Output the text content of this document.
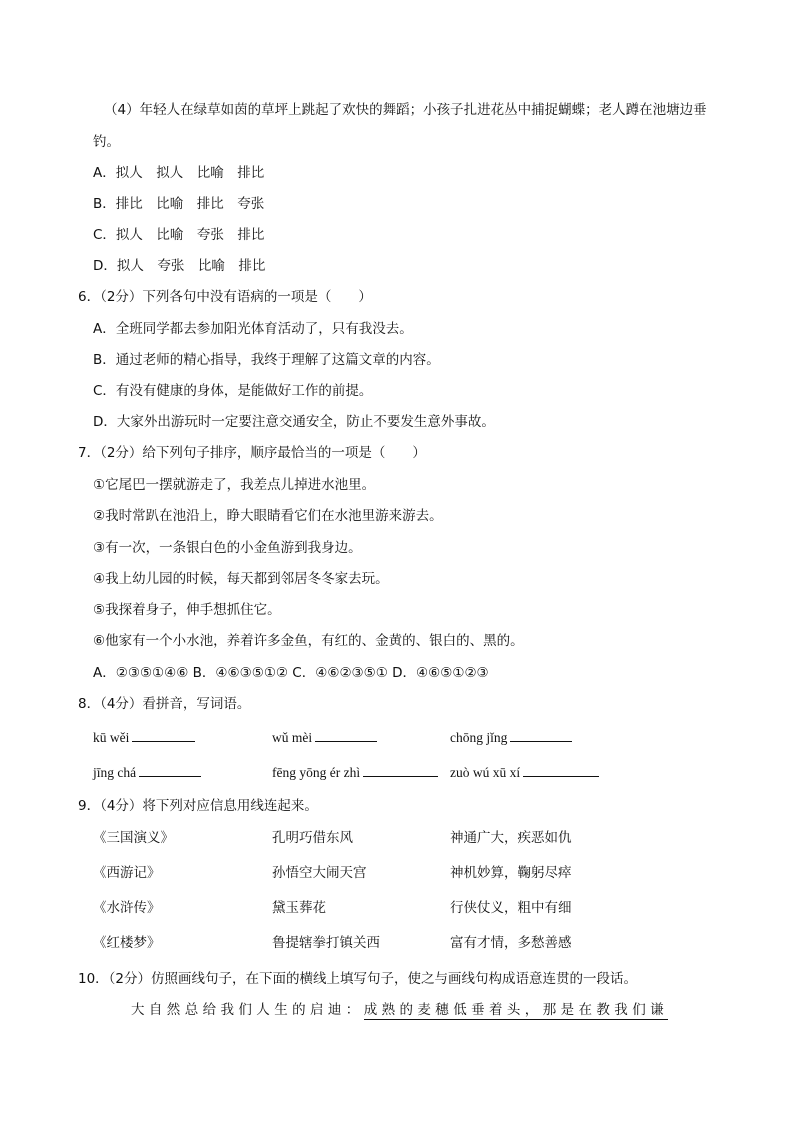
（4）年轻人在绿草如茵的草坪上跳起了欢快的舞蹈；小孩子扎进花丛中捕捉蝴蝶；老人蹲在池塘边垂
钓。
A．拟人　拟人　比喻　排比
B．排比　比喻　排比　夸张
C．拟人　比喻　夸张　排比
D．拟人　夸张　比喻　排比
6．（2分）下列各句中没有语病的一项是（　　）
A．全班同学都去参加阳光体育活动了，只有我没去。
B．通过老师的精心指导，我终于理解了这篇文章的内容。
C．有没有健康的身体，是能做好工作的前提。
D．大家外出游玩时一定要注意交通安全，防止不要发生意外事故。
7．（2分）给下列句子排序，顺序最恰当的一项是（　　）
①它尾巴一摆就游走了，我差点儿掉进水池里。
②我时常趴在池沿上，睁大眼睛看它们在水池里游来游去。
③有一次，一条银白色的小金鱼游到我身边。
④我上幼儿园的时候，每天都到邻居冬冬家去玩。
⑤我探着身子，伸手想抓住它。
⑥他家有一个小水池，养着许多金鱼，有红的、金黄的、银白的、黑的。
A．②③⑤①④⑥ B．④⑥③⑤①② C．④⑥②③⑤① D．④⑥⑤①②③
8．（4分）看拼音，写词语。
kū wěi	wǔ mèi	chōng jǐng
jīng chá	fēng yōng ér zhì	zuò wú xū xí
9．（4分）将下列对应信息用线连起来。
《三国演义》	孔明巧借东风	神通广大，疾恶如仇
《西游记》	孙悟空大闹天宫	神机妙算，鞠躬尽瘁
《水浒传》	黛玉葬花	行侠仗义，粗中有细
《红楼梦》	鲁提辖拳打镇关西	富有才情，多愁善感
10．（2分）仿照画线句子，在下面的横线上填写句子，使之与画线句构成语意连贯的一段话。
大自然总给我们人生的启迪：成熟的麦穗低垂着头，那是在教我们谦
